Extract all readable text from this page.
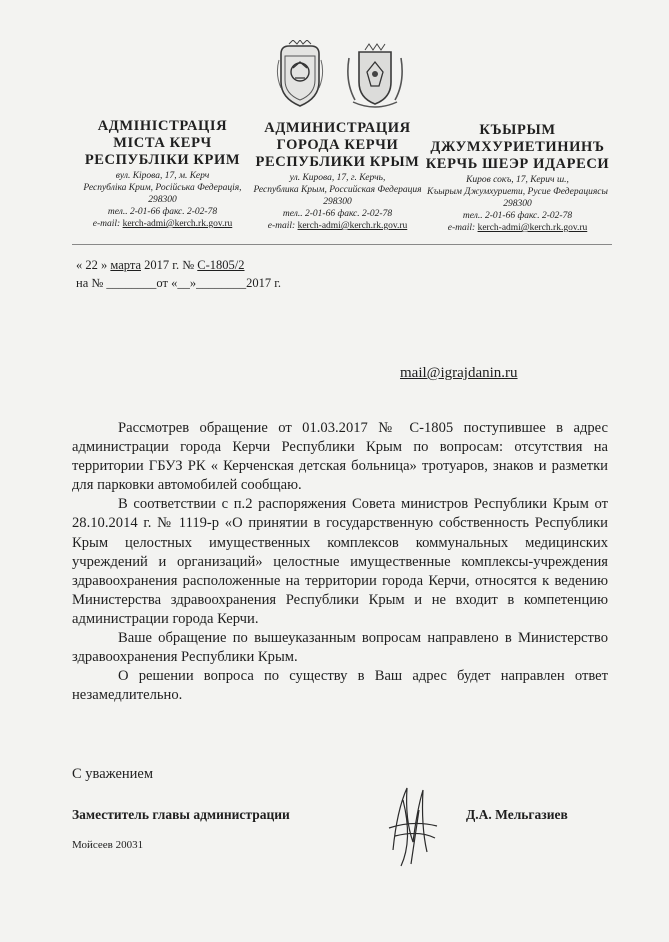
АДМІНІСТРАЦІЯ
МІСТА КЕРЧ
РЕСПУБЛІКИ КРИМ
вул. Кірова, 17, м. Керч
Республіка Крим, Російська Федерація,
298300
тел.. 2-01-66 факс. 2-02-78
e-mail: kerch-admi@kerch.rk.gov.ru
АДМИНИСТРАЦИЯ
ГОРОДА КЕРЧИ
РЕСПУБЛИКИ КРЫМ
ул. Кирова, 17, г. Керчь,
Республика Крым, Российская Федерация
298300
тел.. 2-01-66 факс. 2-02-78
e-mail: kerch-admi@kerch.rk.gov.ru
КЪЫРЫМ
ДЖУМХУРИЕТИНИНЪ
КЕРЧЬ ШЕЭР ИДАРЕСИ
Киров сокъ, 17, Керич ш.,
Къырым Джумхуриети, Русие Федерациясы
298300
тел.. 2-01-66 факс. 2-02-78
e-mail: kerch-admi@kerch.rk.gov.ru
« 22 » марта 2017 г. № С-1805/2
на № ________от «__»________2017 г.
mail@igrajdanin.ru

Рассмотрев обращение от 01.03.2017 № С-1805 поступившее в адрес администрации города Керчи Республики Крым по вопросам: отсутствия на территории ГБУЗ РК « Керченская детская больница» тротуаров, знаков и разметки для парковки автомобилей сообщаю.

В соответствии с п.2 распоряжения Совета министров Республики Крым от 28.10.2014 г. № 1119-р «О принятии в государственную собственность Республики Крым целостных имущественных комплексов коммунальных медицинских учреждений и организаций» целостные имущественные комплексы-учреждения здравоохранения расположенные на территории города Керчи, относятся к ведению Министерства здравоохранения Республики Крым и не входит в компетенцию администрации города Керчи.

Ваше обращение по вышеуказанным вопросам направлено в Министерство здравоохранения Республики Крым.

О решении вопроса по существу в Ваш адрес будет направлен ответ незамедлительно.

С уважением
Заместитель главы администрации	Д.А. Мельгазиев
Мойсеев 20031
